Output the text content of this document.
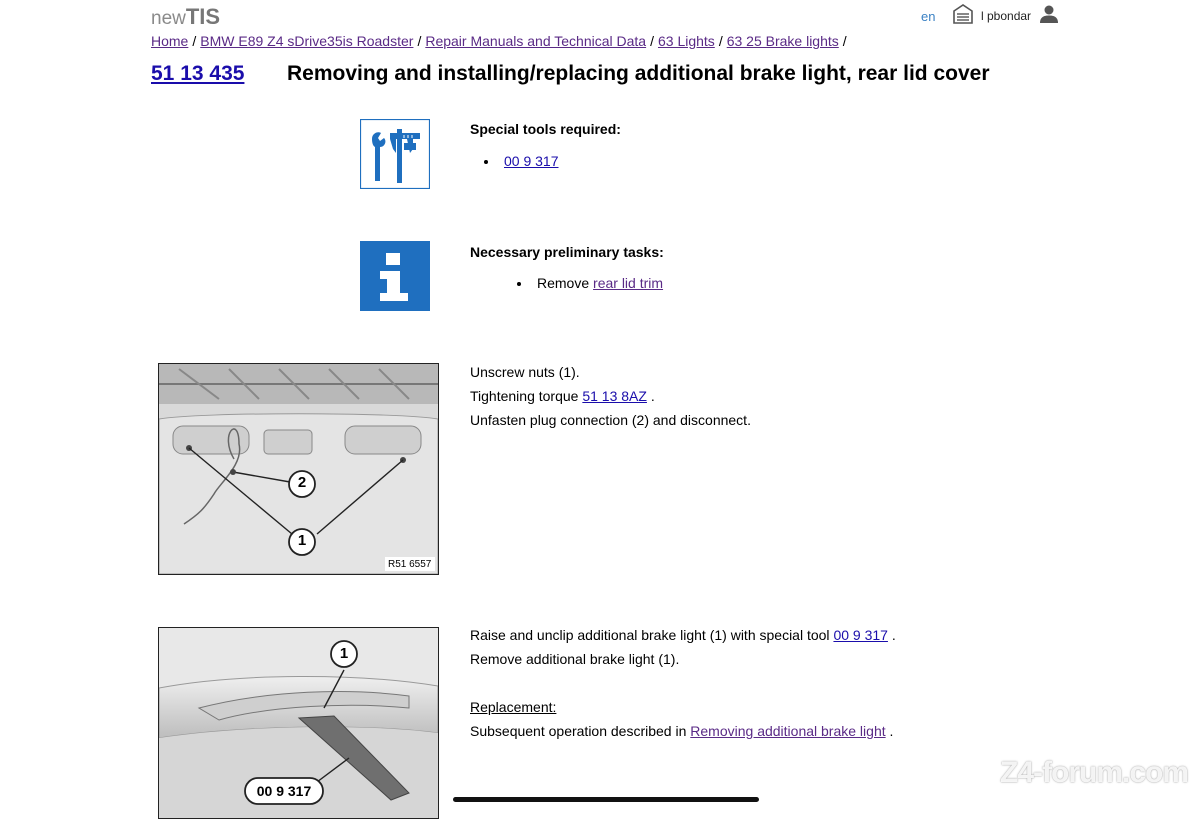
newTIS	en	l pbondar
Home / BMW E89 Z4 sDrive35is Roadster / Repair Manuals and Technical Data / 63 Lights / 63 25 Brake lights /
51 13 435 Removing and installing/replacing additional brake light, rear lid cover
Special tools required:
00 9 317
Necessary preliminary tasks:
Remove rear lid trim
2
1
R51 6557
Unscrew nuts (1).
Tightening torque 51 13 8AZ .
Unfasten plug connection (2) and disconnect.
1
00 9 317
Raise and unclip additional brake light (1) with special tool 00 9 317 .
Remove additional brake light (1).
Replacement:
Subsequent operation described in Removing additional brake light .
Z4-forum.com
